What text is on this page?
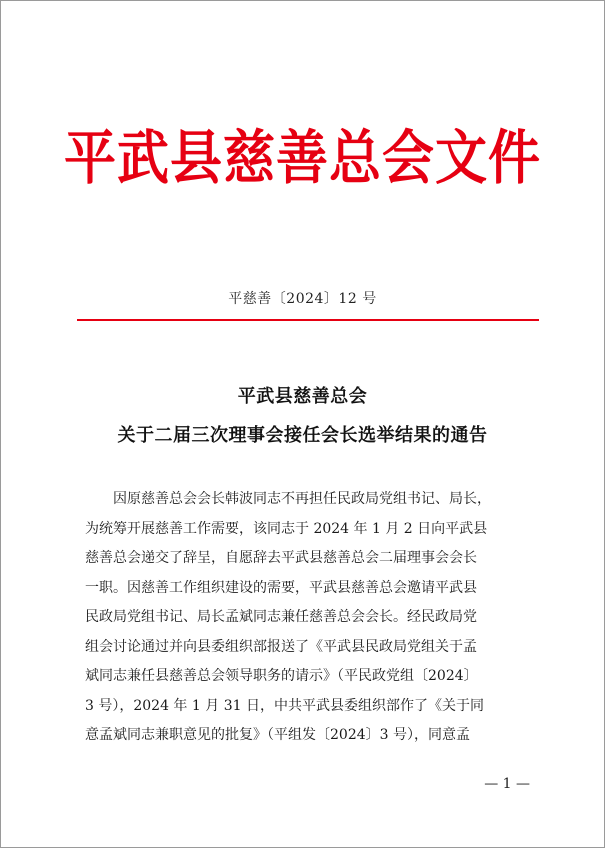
平武县慈善总会文件
平慈善〔2024〕12 号
平武县慈善总会
关于二届三次理事会接任会长选举结果的通告
因原慈善总会会长韩波同志不再担任民政局党组书记、局长，
为统筹开展慈善工作需要，该同志于 2024 年 1 月 2 日向平武县
慈善总会递交了辞呈，自愿辞去平武县慈善总会二届理事会会长
一职。因慈善工作组织建设的需要，平武县慈善总会邀请平武县
民政局党组书记、局长孟斌同志兼任慈善总会会长。经民政局党
组会讨论通过并向县委组织部报送了《平武县民政局党组关于孟
斌同志兼任县慈善总会领导职务的请示》（平民政党组〔2024〕
3 号），2024 年 1 月 31 日，中共平武县委组织部作了《关于同
意孟斌同志兼职意见的批复》（平组发〔2024〕3 号），同意孟
— 1 —
